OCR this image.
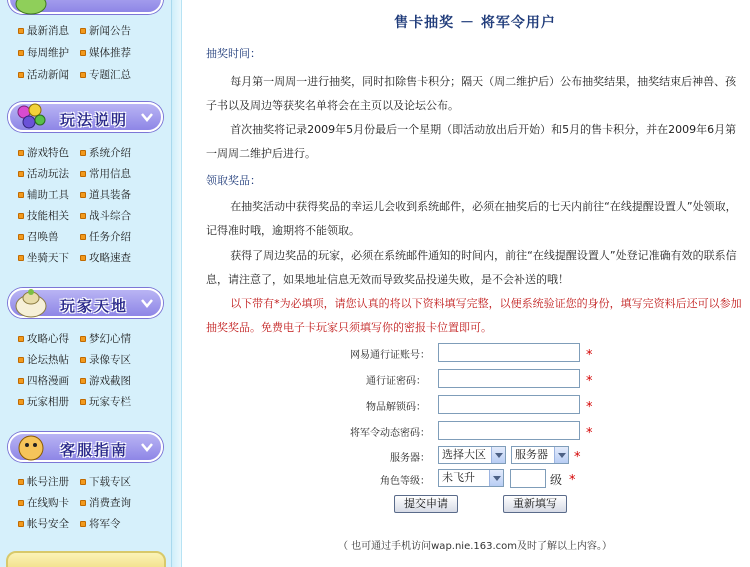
最新消息	新闻公告
每周维护	媒体推荐
活动新闻	专题汇总
玩法说明
游戏特色	系统介绍
活动玩法	常用信息
辅助工具	道具装备
技能相关	战斗综合
召唤兽	任务介绍
坐骑天下	攻略速查
玩家天地
攻略心得	梦幻心情
论坛热帖	录像专区
四格漫画	游戏截图
玩家相册	玩家专栏
客服指南
帐号注册	下载专区
在线购卡	消费查询
帐号安全	将军令
售卡抽奖 － 将军令用户
抽奖时间：
每月第一周周一进行抽奖，同时扣除售卡积分；隔天（周二维护后）公布抽奖结果，抽奖结束后神兽、孩子书以及周边等获奖名单将会在主页以及论坛公布。
首次抽奖将记录2009年5月份最后一个星期（即活动放出后开始）和5月的售卡积分，并在2009年6月第一周周二维护后进行。
领取奖品：
在抽奖活动中获得奖品的幸运儿会收到系统邮件，必须在抽奖后的七天内前往“在线提醒设置人”处领取，记得准时哦，逾期将不能领取。
获得了周边奖品的玩家，必须在系统邮件通知的时间内，前往“在线提醒设置人”处登记准确有效的联系信息，请注意了，如果地址信息无效而导致奖品投递失败，是不会补送的哦！
以下带有*为必填项，请您认真的将以下资料填写完整，以便系统验证您的身份，填写完资料后还可以参加抽奖奖品。免费电子卡玩家只须填写你的密报卡位置即可。
（ 也可通过手机访问wap.nie.163.com及时了解以上内容。）
网易通行证账号：	*
通行证密码：	*
物品解锁码：	*
将军令动态密码：	*
服务器：	选择大区	服务器	*
角色等级：	未飞升	级 *
提交申请	重新填写
